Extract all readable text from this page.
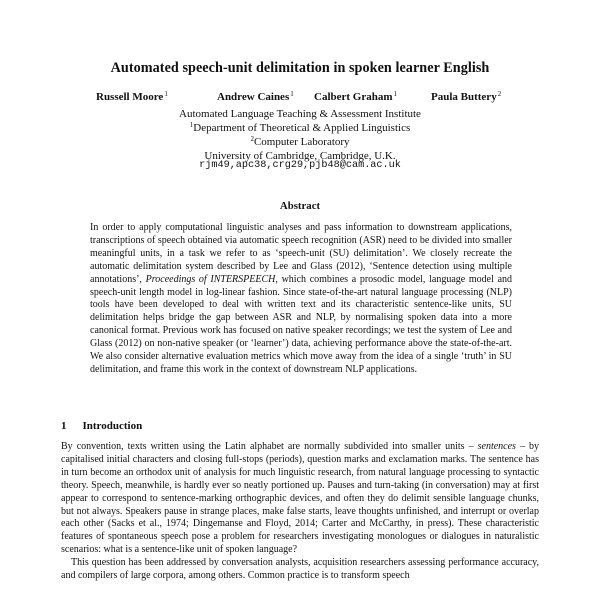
Automated speech-unit delimitation in spoken learner English
Russell Moore$^1$	Andrew Caines$^1$ Calbert Graham$^1$	Paula Buttery$^2$
Automated Language Teaching & Assessment Institute
$^1$Department of Theoretical & Applied Linguistics
$^2$Computer Laboratory
University of Cambridge, Cambridge, U.K.
rjm49,apc38,crg29,pjb48@cam.ac.uk
Abstract
In order to apply computational linguistic analyses and pass information to downstream applications, transcriptions of speech obtained via automatic speech recognition (ASR) need to be divided into smaller meaningful units, in a task we refer to as ‘speech-unit (SU) delimitation’. We closely recreate the automatic delimitation system described by Lee and Glass (2012), ‘Sentence detection using multiple annotations’, Proceedings of INTERSPEECH, which combines a prosodic model, language model and speech-unit length model in log-linear fashion. Since state-of-the-art natural language processing (NLP) tools have been developed to deal with written text and its characteristic sentence-like units, SU delimitation helps bridge the gap between ASR and NLP, by normalising spoken data into a more canonical format. Previous work has focused on native speaker recordings; we test the system of Lee and Glass (2012) on non-native speaker (or ‘learner’) data, achieving performance above the state-of-the-art. We also consider alternative evaluation metrics which move away from the idea of a single ‘truth’ in SU delimitation, and frame this work in the context of downstream NLP applications.
1 Introduction

By convention, texts written using the Latin alphabet are normally subdivided into smaller units – sentences – by capitalised initial characters and closing full-stops (periods), question marks and exclamation marks. The sentence has in turn become an orthodox unit of analysis for much linguistic research, from natural language processing to syntactic theory. Speech, meanwhile, is hardly ever so neatly portioned up. Pauses and turn-taking (in conversation) may at first appear to correspond to sentence-marking orthographic devices, and often they do delimit sensible language chunks, but not always. Speakers pause in strange places, make false starts, leave thoughts unfinished, and interrupt or overlap each other (Sacks et al., 1974; Dingemanse and Floyd, 2014; Carter and McCarthy, in press). These characteristic features of spontaneous speech pose a problem for researchers investigating monologues or dialogues in naturalistic scenarios: what is a sentence-like unit of spoken language?

This question has been addressed by conversation analysts, acquisition researchers assessing performance accuracy, and compilers of large corpora, among others. Common practice is to transform speech
